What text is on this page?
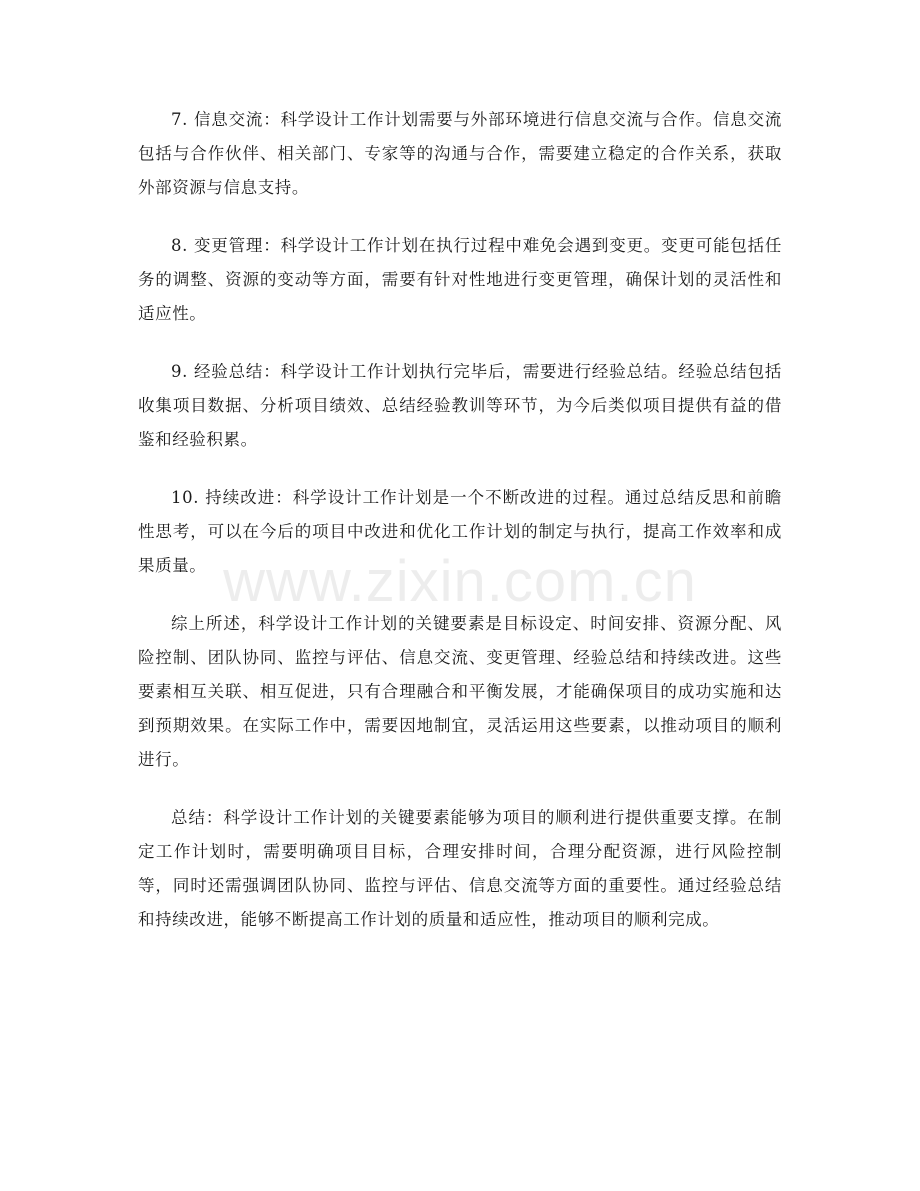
7. 信息交流：科学设计工作计划需要与外部环境进行信息交流与合作。信息交流包括与合作伙伴、相关部门、专家等的沟通与合作，需要建立稳定的合作关系，获取外部资源与信息支持。

8. 变更管理：科学设计工作计划在执行过程中难免会遇到变更。变更可能包括任务的调整、资源的变动等方面，需要有针对性地进行变更管理，确保计划的灵活性和适应性。

9. 经验总结：科学设计工作计划执行完毕后，需要进行经验总结。经验总结包括收集项目数据、分析项目绩效、总结经验教训等环节，为今后类似项目提供有益的借鉴和经验积累。

10. 持续改进：科学设计工作计划是一个不断改进的过程。通过总结反思和前瞻性思考，可以在今后的项目中改进和优化工作计划的制定与执行，提高工作效率和成果质量。

综上所述，科学设计工作计划的关键要素是目标设定、时间安排、资源分配、风险控制、团队协同、监控与评估、信息交流、变更管理、经验总结和持续改进。这些要素相互关联、相互促进，只有合理融合和平衡发展，才能确保项目的成功实施和达到预期效果。在实际工作中，需要因地制宜，灵活运用这些要素，以推动项目的顺利进行。

总结：科学设计工作计划的关键要素能够为项目的顺利进行提供重要支撑。在制定工作计划时，需要明确项目目标，合理安排时间，合理分配资源，进行风险控制等，同时还需强调团队协同、监控与评估、信息交流等方面的重要性。通过经验总结和持续改进，能够不断提高工作计划的质量和适应性，推动项目的顺利完成。

www.zixin.com.cn
